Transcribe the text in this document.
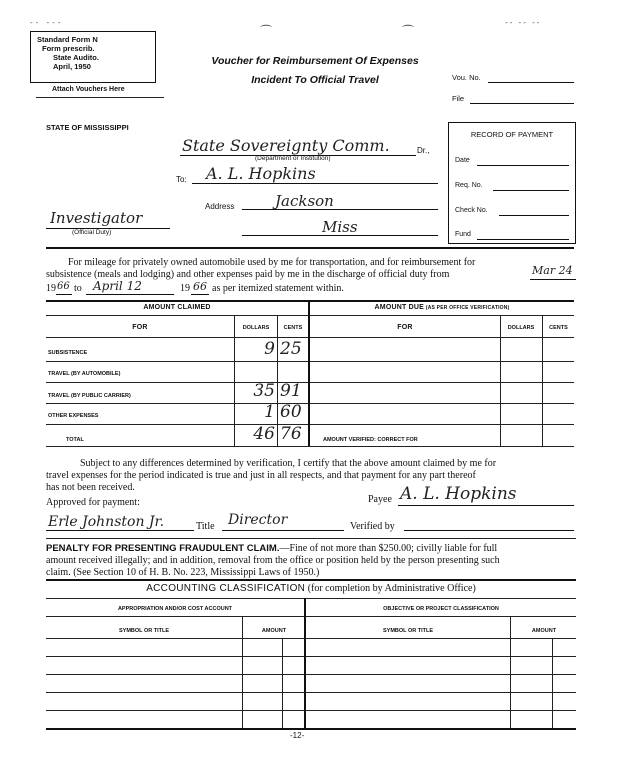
-- ---	-- -- --
Standard Form N
Form prescrib.
State Audito.
April, 1950
Attach Vouchers Here
⌒	⌒
Voucher for Reimbursement Of Expenses
Incident To Official Travel	Vou. No.
File
STATE OF MISSISSIPPI
State Sovereignty Comm.	Dr.,
(Department or Institution)
To: A. L. Hopkins
Address	Jackson
Miss
Investigator
(Official Duty)
RECORD OF PAYMENT
Date
Req. No.
Check No.
Fund
For mileage for privately owned automobile used by me for transportation, and for reimbursement for
subsistence (meals and lodging) and other expenses paid by me in the discharge of official duty from	Mar 24
19 66 to April 12	19 66 as per itemized statement within.
AMOUNT CLAIMED	AMOUNT DUE (AS PER OFFICE VERIFICATION)
FOR	DOLLARS	CENTS	FOR	DOLLARS	CENTS
SUBSISTENCE	9 25
TRAVEL (BY AUTOMOBILE)
TRAVEL (BY PUBLIC CARRIER)	35 91
OTHER EXPENSES	1 60
TOTAL	46 76	AMOUNT VERIFIED: CORRECT FOR
Subject to any differences determined by verification, I certify that the above amount claimed by me for
travel expenses for the period indicated is true and just in all respects, and that payment for any part thereof
has not been received.
Payee A. L. Hopkins
Approved for payment:
Erle Johnston Jr.	Title Director	Verified by
PENALTY FOR PRESENTING FRAUDULENT CLAIM.—Fine of not more than $250.00; civilly liable for full
amount received illegally; and in addition, removal from the office or position held by the person presenting such
claim. (See Section 10 of H. B. No. 223, Mississippi Laws of 1950.)
ACCOUNTING CLASSIFICATION (for completion by Administrative Office)
APPROPRIATION AND/OR COST ACCOUNT	OBJECTIVE OR PROJECT CLASSIFICATION
SYMBOL OR TITLE	AMOUNT	SYMBOL OR TITLE	AMOUNT
-12-
